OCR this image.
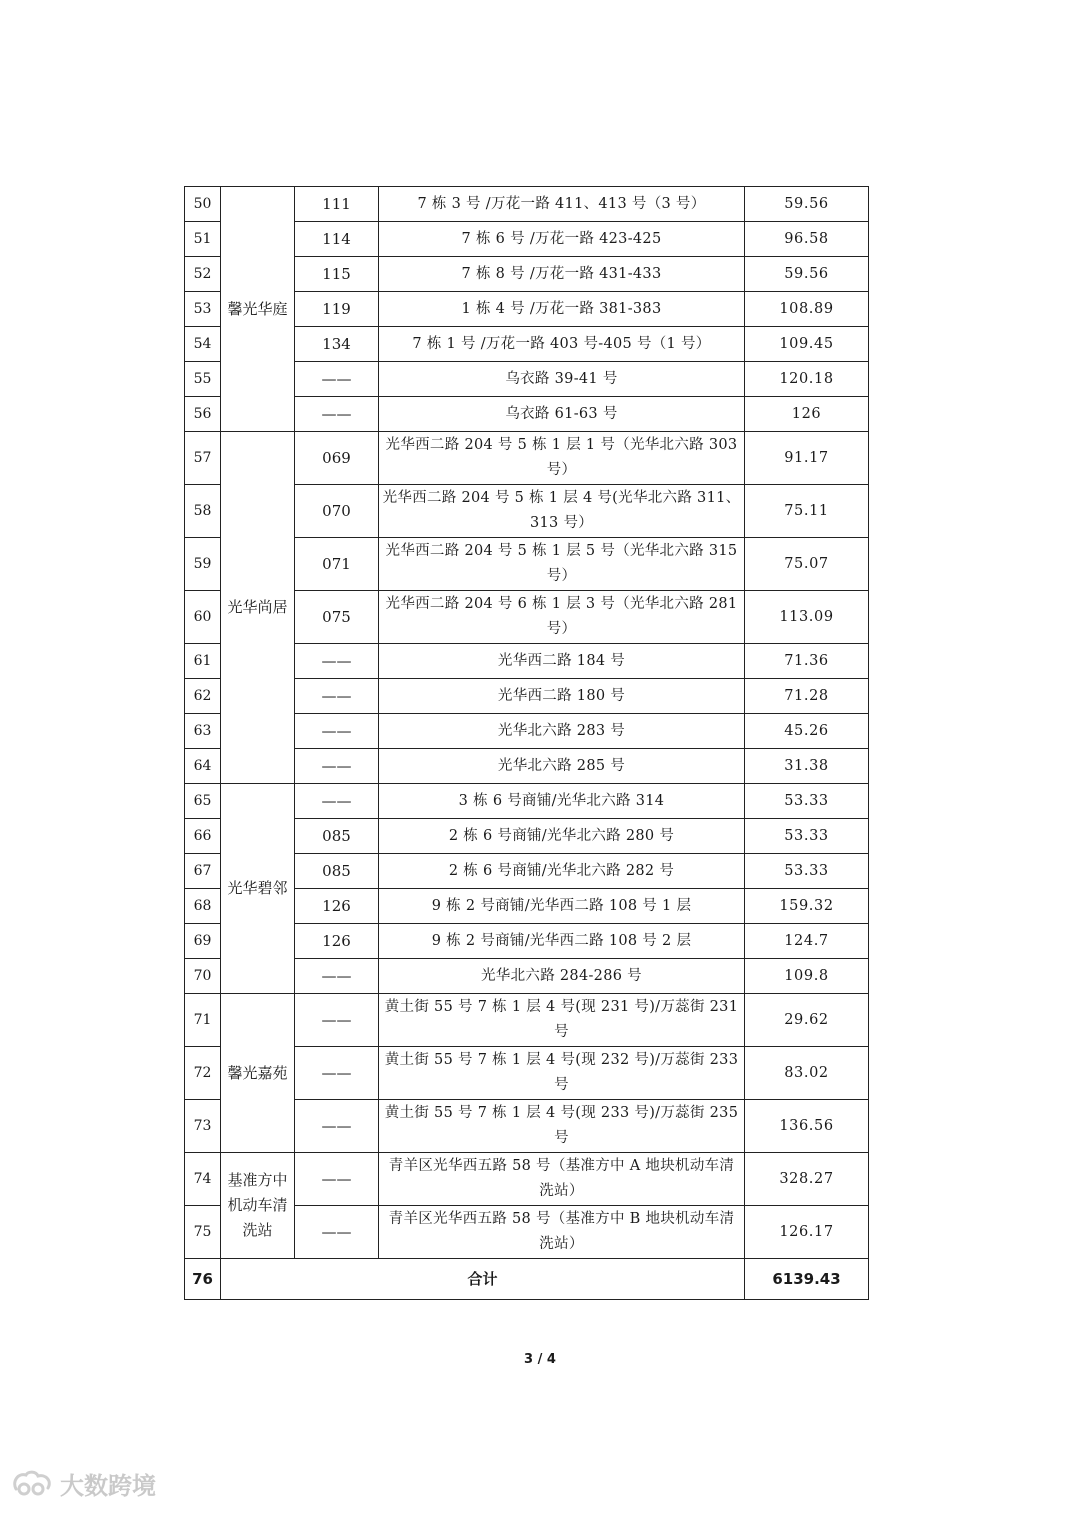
50	馨光华庭	111	7 栋 3 号 /万花一路 411、413 号（3 号）	59.56
51		114	7 栋 6 号 /万花一路 423-425	96.58
52		115	7 栋 8 号 /万花一路 431-433	59.56
53		119	1 栋 4 号 /万花一路 381-383	108.89
54		134	7 栋 1 号 /万花一路 403 号-405 号（1 号）	109.45
55		——	乌衣路 39-41 号	120.18
56		——	乌衣路 61-63 号	126
57	光华尚居	069	光华西二路 204 号 5 栋 1 层 1 号（光华北六路 303 号）	91.17
58		070	光华西二路 204 号 5 栋 1 层 4 号(光华北六路 311、313 号）	75.11
59		071	光华西二路 204 号 5 栋 1 层 5 号（光华北六路 315 号）	75.07
60		075	光华西二路 204 号 6 栋 1 层 3 号（光华北六路 281 号）	113.09
61		——	光华西二路 184 号	71.36
62		——	光华西二路 180 号	71.28
63		——	光华北六路 283 号	45.26
64		——	光华北六路 285 号	31.38
65	光华碧邻	——	3 栋 6 号商铺/光华北六路 314	53.33
66		085	2 栋 6 号商铺/光华北六路 280 号	53.33
67		085	2 栋 6 号商铺/光华北六路 282 号	53.33
68		126	9 栋 2 号商铺/光华西二路 108 号 1 层	159.32
69		126	9 栋 2 号商铺/光华西二路 108 号 2 层	124.7
70		——	光华北六路 284-286 号	109.8
71	馨光嘉苑	——	黄土街 55 号 7 栋 1 层 4 号(现 231 号)/万蕊街 231 号	29.62
72		——	黄土街 55 号 7 栋 1 层 4 号(现 232 号)/万蕊街 233 号	83.02
73		——	黄土街 55 号 7 栋 1 层 4 号(现 233 号)/万蕊街 235 号	136.56
74	基准方中机动车清洗站	——	青羊区光华西五路 58 号（基准方中 A 地块机动车清洗站）	328.27
75		——	青羊区光华西五路 58 号（基准方中 B 地块机动车清洗站）	126.17
76	合计			6139.43
3 / 4
大数跨境
